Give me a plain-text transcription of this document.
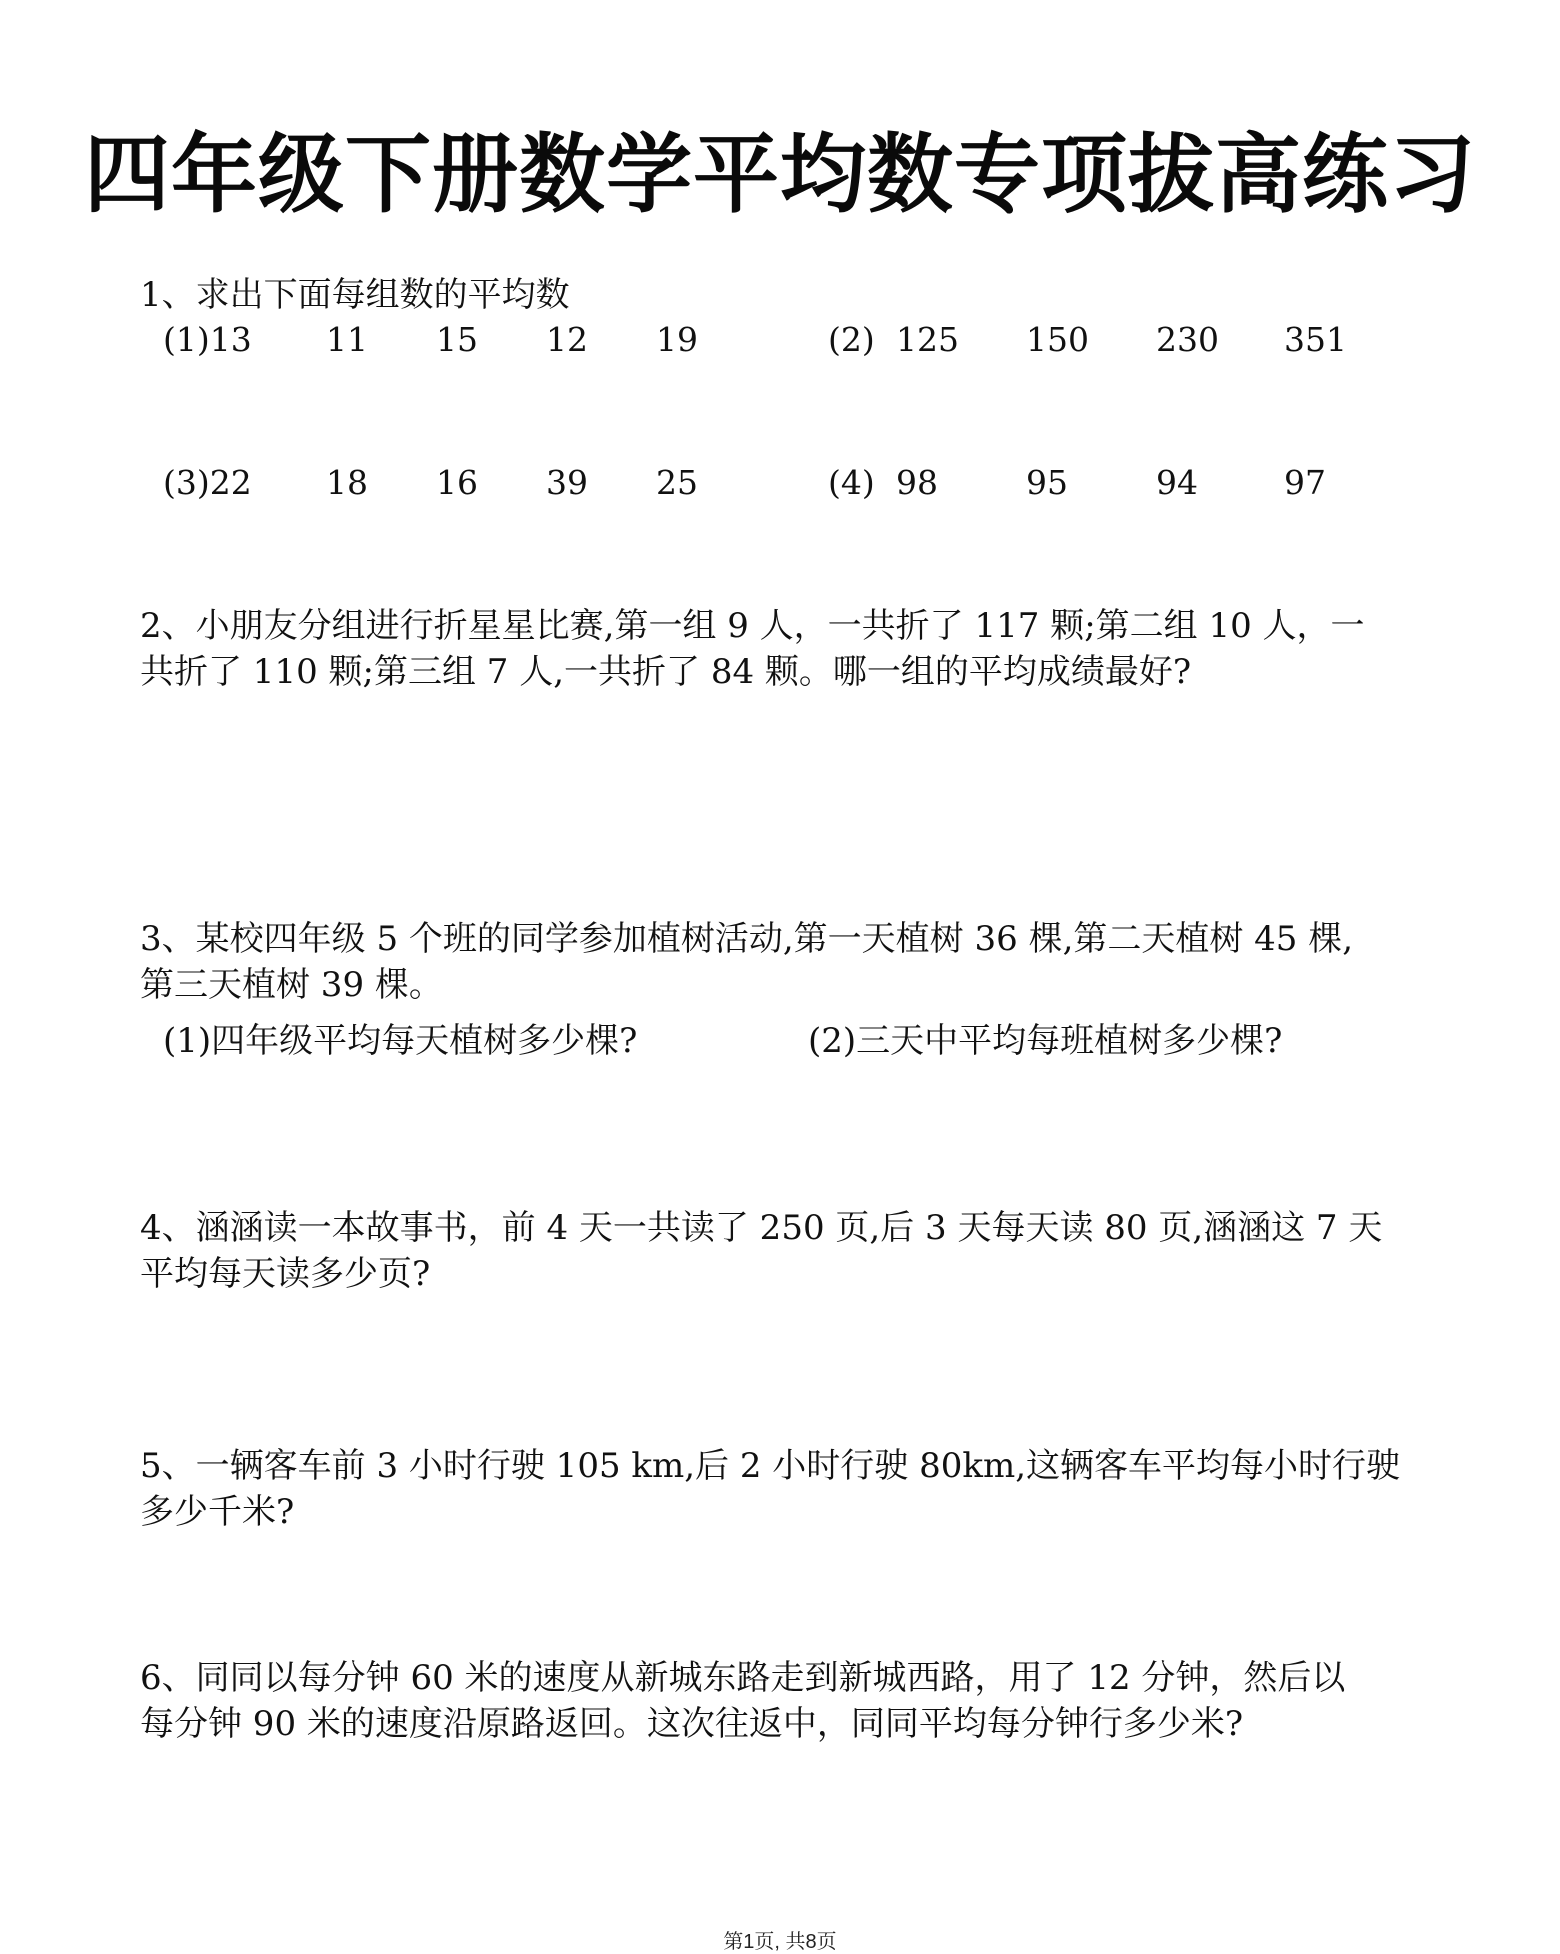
四年级下册数学平均数专项拔高练习
1、求出下面每组数的平均数
(1)13 11 15 12 19	(2) 125 150 230 351
(3)22 18 16 39 25	(4) 98	95	94	97
2、小朋友分组进行折星星比赛,第一组 9 人，一共折了 117 颗;第二组 10 人，一
共折了 110 颗;第三组 7 人,一共折了 84 颗。哪一组的平均成绩最好?
3、某校四年级 5 个班的同学参加植树活动,第一天植树 36 棵,第二天植树 45 棵,
第三天植树 39 棵。
(1)四年级平均每天植树多少棵?	(2)三天中平均每班植树多少棵?
4、涵涵读一本故事书，前 4 天一共读了 250 页,后 3 天每天读 80 页,涵涵这 7 天
平均每天读多少页?
5、一辆客车前 3 小时行驶 105 km,后 2 小时行驶 80km,这辆客车平均每小时行驶
多少千米?
6、同同以每分钟 60 米的速度从新城东路走到新城西路，用了 12 分钟，然后以
每分钟 90 米的速度沿原路返回。这次往返中，同同平均每分钟行多少米?
第1页, 共8页
